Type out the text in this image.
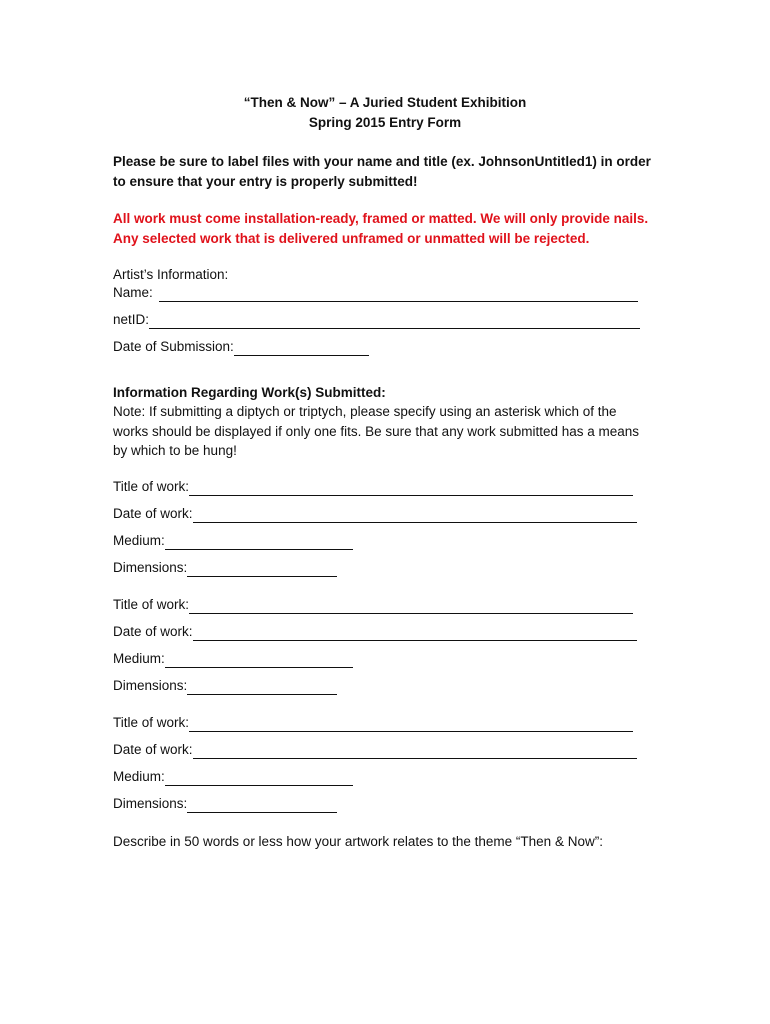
“Then & Now” – A Juried Student Exhibition
Spring 2015 Entry Form
Please be sure to label files with your name and title (ex. JohnsonUntitled1) in order
to ensure that your entry is properly submitted!
All work must come installation-ready, framed or matted. We will only provide nails.
Any selected work that is delivered unframed or unmatted will be rejected.
Artist’s Information:
Name:
netID:
Date of Submission:
Information Regarding Work(s) Submitted:
Note: If submitting a diptych or triptych, please specify using an asterisk which of the
works should be displayed if only one fits. Be sure that any work submitted has a means
by which to be hung!
Title of work:
Date of work:
Medium:
Dimensions:
Title of work:
Date of work:
Medium:
Dimensions:
Title of work:
Date of work:
Medium:
Dimensions:
Describe in 50 words or less how your artwork relates to the theme “Then & Now”:
